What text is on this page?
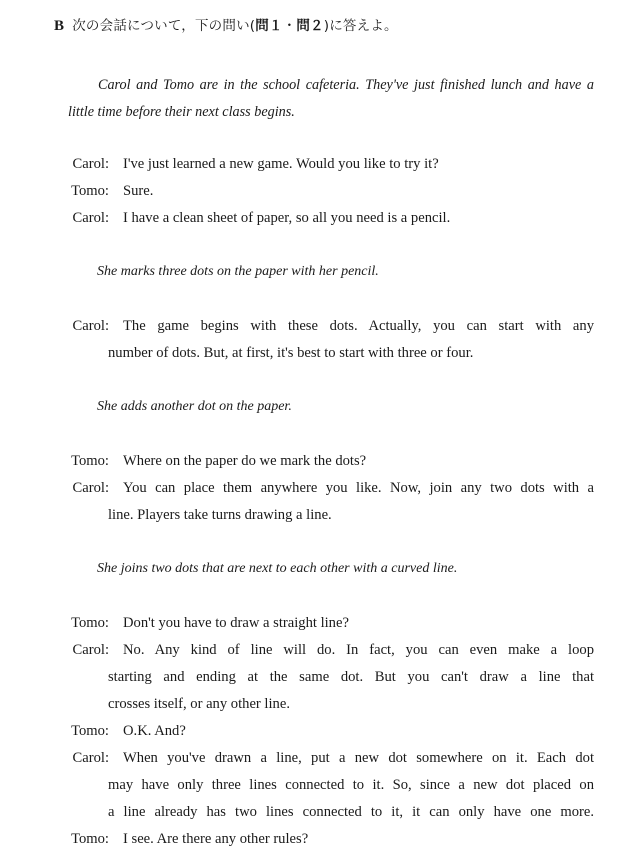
B 次の会話について，下の問い(問１・問２)に答えよ。
Carol and Tomo are in the school cafeteria. They've just finished lunch and have a little time before their next class begins.
Carol: I've just learned a new game. Would you like to try it?
Tomo: Sure.
Carol: I have a clean sheet of paper, so all you need is a pencil.
She marks three dots on the paper with her pencil.
Carol: The game begins with these dots. Actually, you can start with any
number of dots. But, at first, it's best to start with three or four.
She adds another dot on the paper.
Tomo: Where on the paper do we mark the dots?
Carol: You can place them anywhere you like. Now, join any two dots with a
line. Players take turns drawing a line.
She joins two dots that are next to each other with a curved line.
Tomo: Don't you have to draw a straight line?
Carol: No. Any kind of line will do. In fact, you can even make a loop
starting and ending at the same dot. But you can't draw a line that
crosses itself, or any other line.
Tomo: O.K. And?
Carol: When you've drawn a line, put a new dot somewhere on it. Each dot
may have only three lines connected to it. So, since a new dot placed on
a line already has two lines connected to it, it can only have one more.
Tomo: I see. Are there any other rules?
